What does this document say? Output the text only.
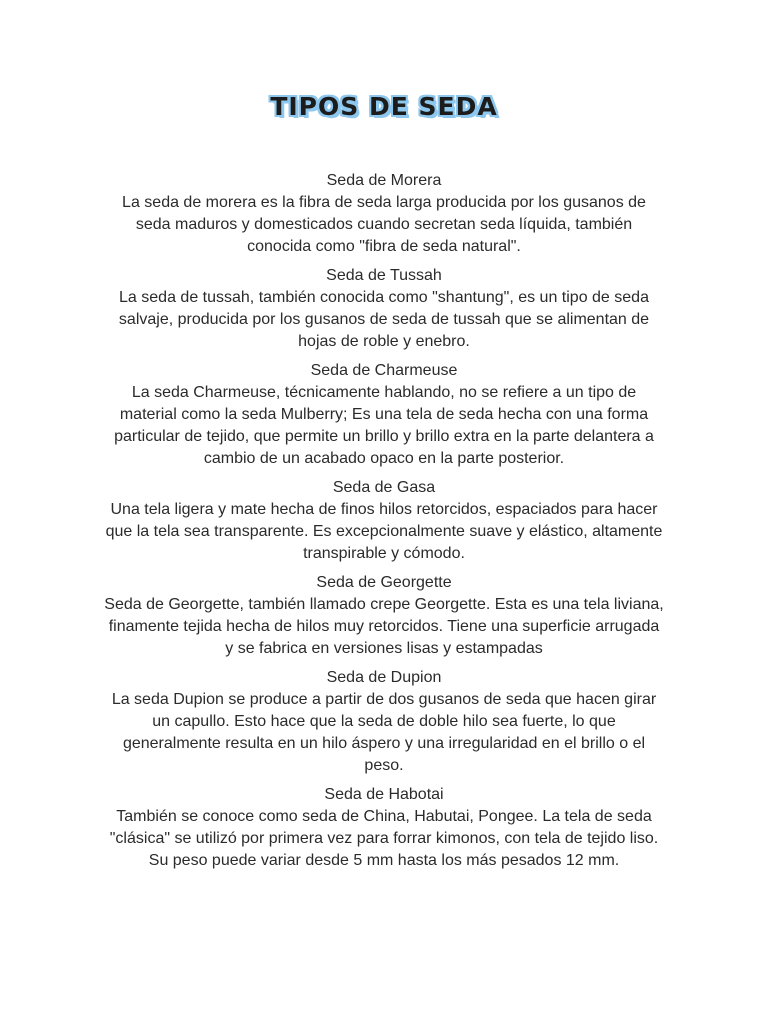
TIPOS DE SEDA

Seda de Morera

La seda de morera es la fibra de seda larga producida por los gusanos de seda maduros y domesticados cuando secretan seda líquida, también conocida como "fibra de seda natural".

Seda de Tussah

La seda de tussah, también conocida como "shantung", es un tipo de seda salvaje, producida por los gusanos de seda de tussah que se alimentan de hojas de roble y enebro.

Seda de Charmeuse

La seda Charmeuse, técnicamente hablando, no se refiere a un tipo de material como la seda Mulberry; Es una tela de seda hecha con una forma particular de tejido, que permite un brillo y brillo extra en la parte delantera a cambio de un acabado opaco en la parte posterior.

Seda de Gasa

Una tela ligera y mate hecha de finos hilos retorcidos, espaciados para hacer que la tela sea transparente. Es excepcionalmente suave y elástico, altamente transpirable y cómodo.

Seda de Georgette

Seda de Georgette, también llamado crepe Georgette. Esta es una tela liviana, finamente tejida hecha de hilos muy retorcidos. Tiene una superficie arrugada y se fabrica en versiones lisas y estampadas

Seda de Dupion

La seda Dupion se produce a partir de dos gusanos de seda que hacen girar un capullo. Esto hace que la seda de doble hilo sea fuerte, lo que generalmente resulta en un hilo áspero y una irregularidad en el brillo o el peso.

Seda de Habotai

También se conoce como seda de China, Habutai, Pongee. La tela de seda "clásica" se utilizó por primera vez para forrar kimonos, con tela de tejido liso. Su peso puede variar desde 5 mm hasta los más pesados 12 mm.
